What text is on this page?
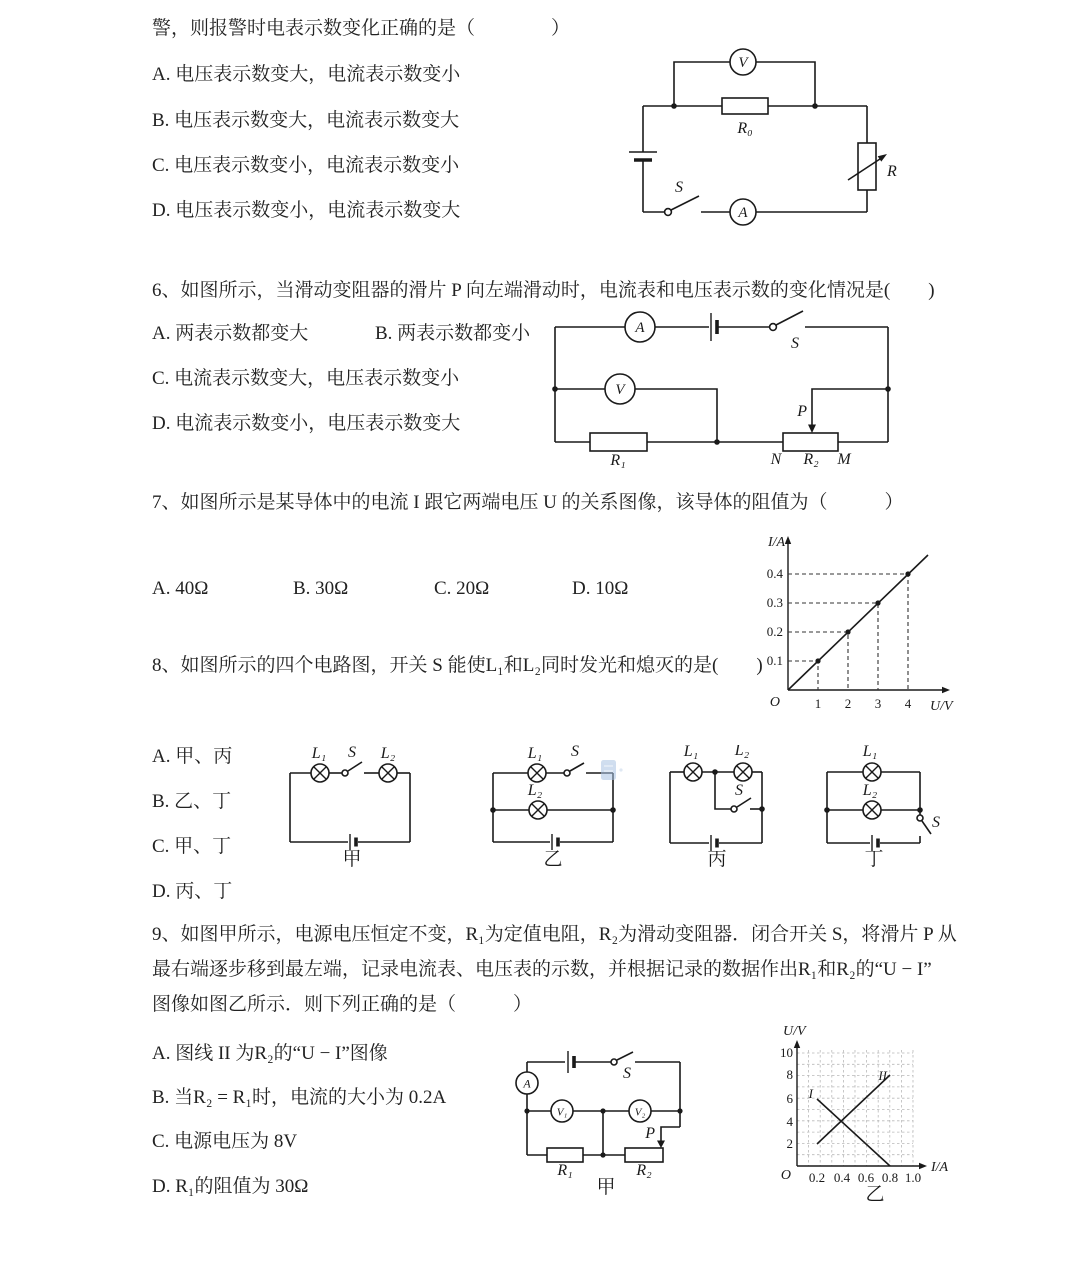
警，则报警时电表示数变化正确的是（　　　　）
A. 电压表示数变大，电流表示数变小
B. 电压表示数变大，电流表示数变大
C. 电压表示数变小，电流表示数变小
D. 电压表示数变小，电流表示数变大
V
R₀
S
A
R
6、如图所示，当滑动变阻器的滑片 P 向左端滑动时，电流表和电压表示数的变化情况是(　　)
A. 两表示数都变大	B. 两表示数都变小
C. 电流表示数变大，电压表示数变小
D. 电流表示数变小，电压表示数变大
A
S
V
P
R₁	N R₂ M
7、如图所示是某导体中的电流 I 跟它两端电压 U 的关系图像，该导体的阻值为（　　　）
A. 40Ω	B. 30Ω	C. 20Ω	D. 10Ω
I/A
U/V
O	1 2 3 4
0.1
0.2
0.3
0.4
8、如图所示的四个电路图，开关 S 能使L₁和L₂同时发光和熄灭的是(　　)
A. 甲、丙
B. 乙、丁
C. 甲、丁
D. 丙、丁
L₁ S L₂
甲
L₁ S
L₂
乙
L₁ L₂
S
丙
L₁
L₂
S
丁
9、如图甲所示，电源电压恒定不变，R₁为定值电阻，R₂为滑动变阻器．闭合开关 S，将滑片 P 从
最右端逐步移到最左端，记录电流表、电压表的示数，并根据记录的数据作出R₁和R₂的“U − I”
图像如图乙所示．则下列正确的是（　　　）
A. 图线 II 为R₂的“U − I”图像
B. 当R₂ = R₁时，电流的大小为 0.2A
C. 电源电压为 8V
D. R₁的阻值为 30Ω
S
A
V₁	V₂
P
R₁	R₂
甲
I
II
U/V
I/A
O 0.2 0.4 0.6 0.8 1.0
2
4
6
8
10
乙
